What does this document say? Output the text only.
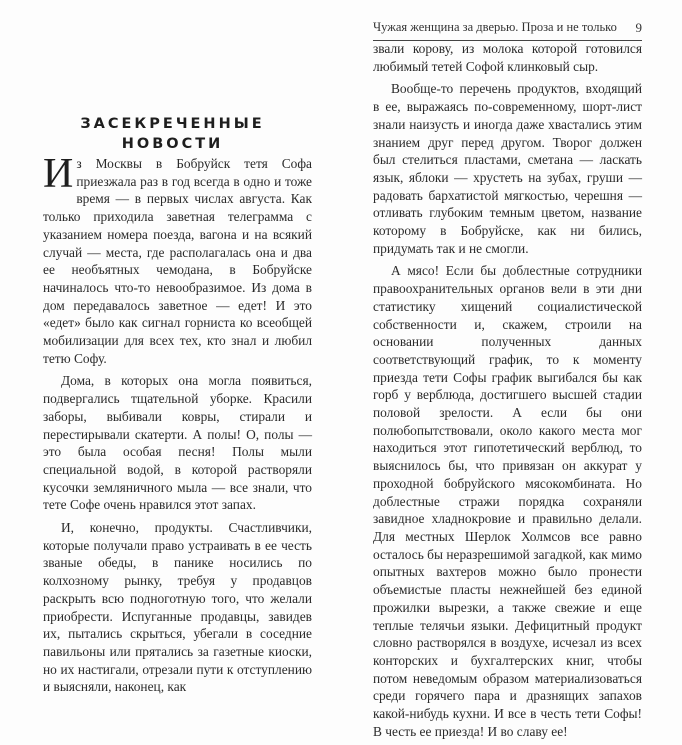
ЗАСЕКРЕЧЕННЫЕ
НОВОСТИ

Из Москвы в Бобруйск тетя Софа приезжала раз в год всегда в одно и тоже время — в первых числах августа. Как только приходила заветная телеграмма с указанием номера поезда, вагона и на всякий случай — места, где располагалась она и два ее необъятных чемодана, в Бобруйске начиналось что-то невообразимое. Из дома в дом передавалось заветное — едет! И это «едет» было как сигнал горниста ко всеобщей мобилизации для всех тех, кто знал и любил тетю Софу.

Дома, в которых она могла появиться, подвергались тщательной уборке. Красили заборы, выбивали ковры, стирали и перестирывали скатерти. А полы! О, полы — это была особая песня! Полы мыли специальной водой, в которой растворяли кусочки земляничного мыла — все знали, что тете Софе очень нравился этот запах.

И, конечно, продукты. Счастливчики, которые получали право устраивать в ее честь званые обеды, в панике носились по колхозному рынку, требуя у продавцов раскрыть всю подноготную того, что желали приобрести. Испуганные продавцы, завидев их, пытались скрыться, убегали в соседние павильоны или прятались за газетные киоски, но их настигали, отрезали пути к отступлению и выясняли, наконец, как

Чужая женщина за дверью. Проза и не только 9

звали корову, из молока которой готовился любимый тетей Софой клинковый сыр.

Вообще-то перечень продуктов, входящий в ее, выражаясь по-современному, шорт-лист знали наизусть и иногда даже хвастались этим знанием друг перед другом. Творог должен был стелиться пластами, сметана — ласкать язык, яблоки — хрустеть на зубах, груши — радовать бархатистой мягкостью, черешня — отливать глубоким темным цветом, название которому в Бобруйске, как ни бились, придумать так и не смогли.

А мясо! Если бы доблестные сотрудники правоохранительных органов вели в эти дни статистику хищений социалистической собственности и, скажем, строили на основании полученных данных соответствующий график, то к моменту приезда тети Софы график выгибался бы как горб у верблюда, достигшего высшей стадии половой зрелости. А если бы они полюбопытствовали, около какого места мог находиться этот гипотетический верблюд, то выяснилось бы, что привязан он аккурат у проходной бобруйского мясокомбината. Но доблестные стражи порядка сохраняли завидное хладнокровие и правильно делали. Для местных Шерлок Холмсов все равно осталось бы неразрешимой загадкой, как мимо опытных вахтеров можно было пронести объемистые пласты нежнейшей без единой прожилки вырезки, а также свежие и еще теплые телячьи языки. Дефицитный продукт словно растворялся в воздухе, исчезал из всех конторских и бухгалтерских книг, чтобы потом неведомым образом материализоваться среди горячего пара и дразнящих запахов какой-нибудь кухни. И все в честь тети Софы! В честь ее приезда! И во славу ее!
